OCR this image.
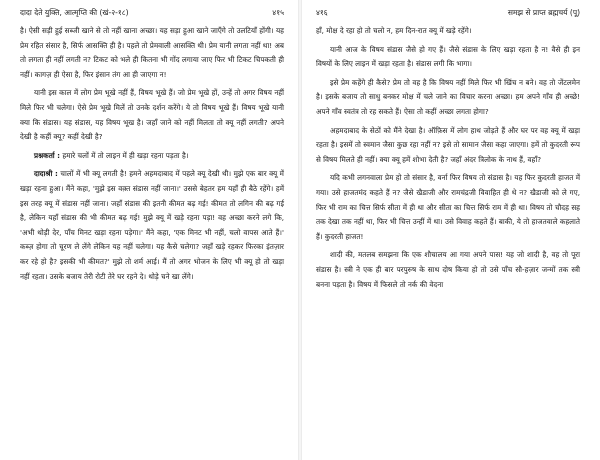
दादा देते युक्ति, आत्मृप्ति की (खं-२-१८)	४१५

है। ऐसी सड़ी हुई सब्जी खाने से तो नहीं खाना अच्छा। यह सड़ा हुआ खाने जाएँगे तो उलटियाँ होंगी। यह प्रेम रहित संसार है, सिर्फ आसक्ति ही है। पहले तो प्रेमवाली आसक्ति थी। प्रेम यानी लगता नहीं था! अब तो लगता ही नहीं लगती न? टिकट को भले ही कितना भी गोंद लगाया जाए फिर भी टिकट चिपकती ही नहीं। कागज़ ही ऐसा है, फिर इंसान तंग आ ही जाएगा न!

यानी इस काल में लोग प्रेम भूखे नहीं हैं, विषय भूखे हैं। जो प्रेम भूखे हों, उन्हें तो अगर विषय नहीं मिले फिर भी चलेगा। ऐसे प्रेम भूखे मिलें तो उनके दर्शन करेंगे। ये तो विषय भूखे हैं। विषय भूखे यानी क्या कि संडास। यह संडास, यह विषय भूख है। जहाँ जाने को नहीं मिलता तो क्यू नहीं लगती? अपने देखी है कहीं क्यू? कहीं देखी है?

प्रश्नकर्ता : हमारे चलों में तो लाइन में ही खड़ा रहना पड़ता है।

दादाश्री : चालों में भी क्यू लगती है! हमने अहमदाबाद में पहले क्यू देखी थी। मुझे एक बार क्यू में खड़ा रहना हुआ। मैंने कहा, 'मुझे इस वक़्त संडास नहीं जाना।' उससे बेहतर हम यहाँ ही बैठे रहेंगे। हमें इस तरह क्यू में संडास नहीं जाना। जहाँ संडास की इतनी कीमत बढ़ गई! कीमत तो लगिन की बढ़ गई है, लेकिन यहाँ संडास की भी कीमत बढ़ गई! मुझे क्यू में खड़े रहना पड़ा! वह अच्छा करने लगे कि, 'अभी थोड़ी देर, पाँच मिनट खड़ा रहना पड़ेगा।' मैंने कहा, 'एक मिनट भी नहीं, चलो वापस आते हैं।' कब्ज़ होगा तो चूरण ले लेंगे लेकिन यह नहीं चलेगा। यह कैसे चलेगा? जहाँ खड़े रहकर फिरका इंतज़ार कर रहे हो है? इसकी भी कीमत?' मुझे तो शर्म आई। मैं तो अगर भोजन के लिए भी क्यू हो तो खड़ा नहीं रहता। उसके बजाय तेरी रोटी तेरे घर रहने दे। थोड़े चने खा लेंगे।

४१६	समझ से प्राप्त ब्रह्मचर्य (पू)

हाँ, मोक्ष दे रहा हो तो चलो न, हम दिन-रात क्यू में खड़े रहेंगे।

यानी आज के विषय संडास जैसे हो गए हैं। जैसे संडास के लिए खड़ा रहता है न! वैसे ही इन विषयों के लिए लाइन में खड़ा रहता है। संडास लगी कि भागा।

इसे प्रेम कहेंगे ही कैसे? प्रेम तो वह है कि विषय नहीं मिले फिर भी खिंच न बने। वह तो जेंटलमेन है। इसके बजाय तो साधु बनकर मोक्ष में चले जाने का विचार करना अच्छा। हम अपने गाँव ही अच्छे! अपने गाँव स्वतंत्र तो रह सकते हैं। ऐसा तो कहीं अच्छा लगता होगा?

अहमदाबाद के सेठों को मैंने देखा है। ऑफ़िस में लोग हाथ जोड़ते हैं और घर पर वह क्यू में खड़ा रहता है। इसमें तो स्वमान जैसा कुछ रहा नहीं न? इसे तो सामान जैसा कहा जाएगा। हमें तो कुदरती रूप से विषय मिलते ही नहीं। क्या क्यू हमें शोभा देती है? जहाँ अंदर त्रिलोक के नाथ हैं, वहाँ?

यदि कभी लगनवाला प्रेम हो तो संसार है, वर्ना फिर विषय तो संडास है। यह फिर कुदरती हाजत में गया। उसे हाजतमंद कहते हैं न? जैसे खैडाजी और रामचंद्रजी विवाहित ही थे न? खैडाजी को ले गए, फिर भी राम का चित्त सिर्फ सीता में ही था और सीता का चित्त सिर्फ राम में ही था। विषय तो चौदह सह तक देखा तक नहीं था, फिर भी चित्त उन्हीं में था। उसे विवाह कहते हैं। बाकी, ये तो हाजतवाले कहलाते हैं। कुदरती हाजत!

शादी की, मतलब समझना कि एक शौचालय आ गया अपने पास! यह जो शादी है, वह तो पूरा संडास है। स्त्री ने एक ही बार परपुरुष के साथ दोष किया हो तो उसे पाँच सौ-हज़ार जन्मों तक स्त्री बनना पड़ता है। विषय में फिसले तो नर्क की वेदना
